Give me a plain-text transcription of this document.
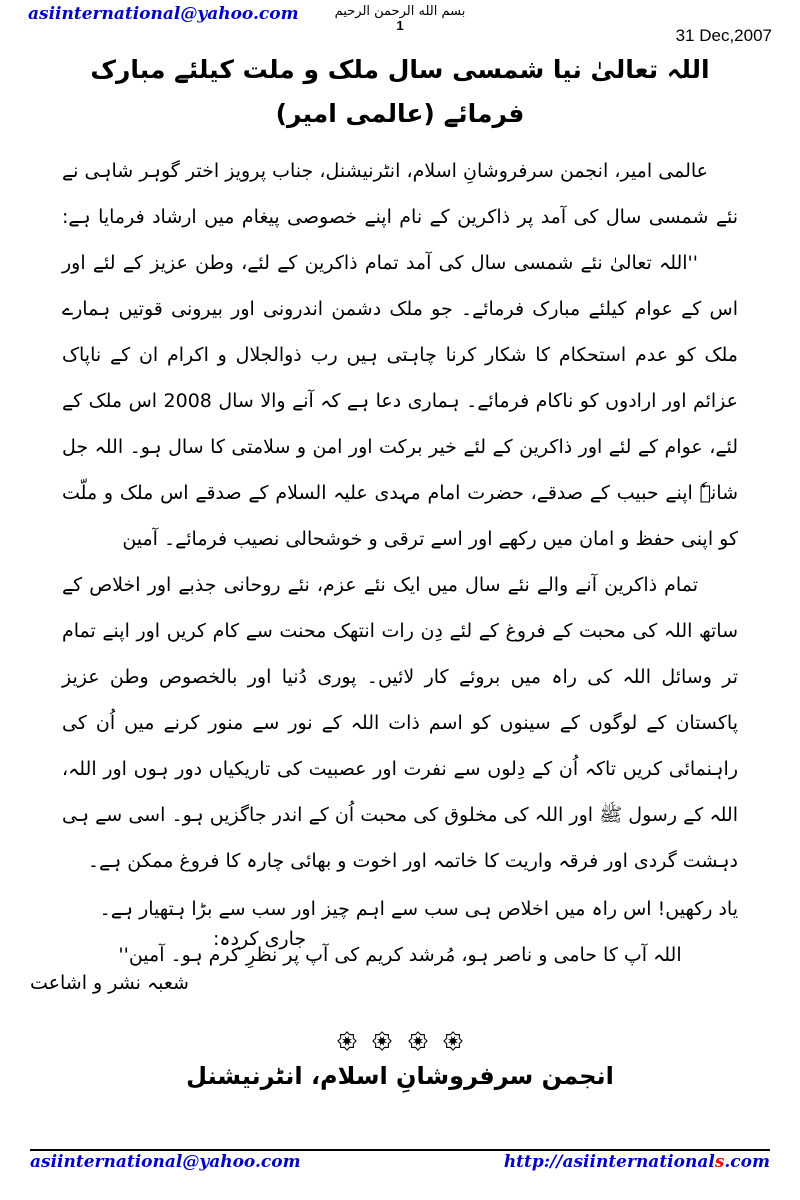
asiinternational@yahoo.com	بسم الله الرحمن الرحيم
1
31 Dec,2007
اللہ تعالیٰ نیا شمسی سال ملک و ملت کیلئے مبارک فرمائے (عالمی امیر)

عالمی امیر، انجمن سرفروشانِ اسلام، انٹرنیشنل، جناب پرویز اختر گوہر شاہی نے نئے شمسی سال کی آمد پر ذاکرین کے نام اپنے خصوصی پیغام میں ارشاد فرمایا ہے:

''اللہ تعالیٰ نئے شمسی سال کی آمد تمام ذاکرین کے لئے، وطن عزیز کے لئے اور اس کے عوام کیلئے مبارک فرمائے۔ جو ملک دشمن اندرونی اور بیرونی قوتیں ہمارے ملک کو عدم استحکام کا شکار کرنا چاہتی ہیں رب ذوالجلال و اکرام ان کے ناپاک عزائم اور ارادوں کو ناکام فرمائے۔ ہماری دعا ہے کہ آنے والا سال 2008 اس ملک کے لئے، عوام کے لئے اور ذاکرین کے لئے خیر برکت اور امن و سلامتی کا سال ہو۔ اللہ جل شانہٗ اپنے حبیب کے صدقے، حضرت امام مہدی علیہ السلام کے صدقے اس ملک و ملّت کو اپنی حفظ و امان میں رکھے اور اسے ترقی و خوشحالی نصیب فرمائے۔ آمین

تمام ذاکرین آنے والے نئے سال میں ایک نئے عزم، نئے روحانی جذبے اور اخلاص کے ساتھ اللہ کی محبت کے فروغ کے لئے دِن رات انتھک محنت سے کام کریں اور اپنے تمام تر وسائل اللہ کی راہ میں بروئے کار لائیں۔ پوری دُنیا اور بالخصوص وطن عزیز پاکستان کے لوگوں کے سینوں کو اسم ذات اللہ کے نور سے منور کرنے میں اُن کی راہنمائی کریں تاکہ اُن کے دِلوں سے نفرت اور عصبیت کی تاریکیاں دور ہوں اور اللہ، اللہ کے رسول ﷺ اور اللہ کی مخلوق کی محبت اُن کے اندر جاگزیں ہو۔ اسی سے ہی دہشت گردی اور فرقہ واریت کا خاتمہ اور اخوت و بھائی چارہ کا فروغ ممکن ہے۔

یاد رکھیں! اس راہ میں اخلاص ہی سب سے اہم چیز اور سب سے بڑا ہتھیار ہے۔

اللہ آپ کا حامی و ناصر ہو، مُرشد کریم کی آپ پر نظرِ کرم ہو۔ آمین''

جاری کردہ:
شعبہ نشر و اشاعت

انجمن سرفروشانِ اسلام، انٹرنیشنل
asiinternational@yahoo.com	http://asiinternationals.com
